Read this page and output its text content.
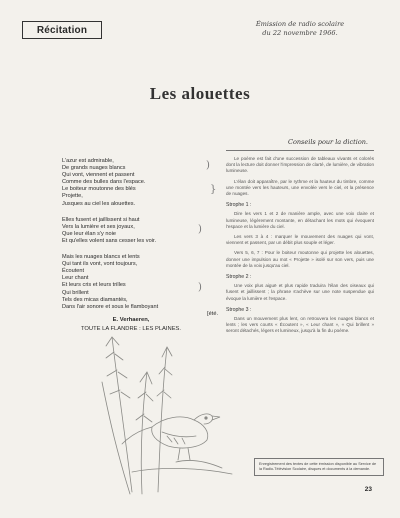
Récitation
Émission de radio scolaire
du 22 novembre 1966.
Les alouettes
Conseils pour la diction.
L'azur est admirable,
De grands nuages blancs
Qui vont, viennent et passent
Comme des bulles dans l'espace.
Le boiteur moutonne des blés
Projette,
Jusques au ciel les alouettes.
Elles fusent et jaillissent si haut
Vers la lumière et ses joyaux,
Que leur élan s'y noie
Et qu'elles volent sans cesser les voir.
Mais les nuages blancs et lents
Qui tant ils vont, vont toujours,
Écoutent
Leur chant
Et leurs cris et leurs trilles
Qui brillent
Tels des micas diamantés,
Dans l'air sonore et sous le flamboyant
[été.
)
}
)
)
E. Verhaeren,
TOUTE LA FLANDRE : LES PLAINES.

Le poème est fait d'une succession de tableaux vivants et colorés dont la lecture doit donner l'impression de clarté, de lumière, de vibration lumineuse.

L'élan doit apparaître, par le rythme et la hauteur du timbre, comme une montée vers les hauteurs, une envolée vers le ciel, et la présence de nuages.

Strophe 1 :

Dire les vers 1 et 2 de manière ample, avec une voix claire et lumineuse, légèrement montante, en détachant les mots qui évoquent l'espace et la lumière du ciel.

Les vers 3 à 4 : marquer le mouvement des nuages qui vont, viennent et passent, par un débit plus souple et léger.

Vers 5, 6, 7 : Pour le boiteur moutonne qui projette les alouettes, donner une impulsion au mot « Projette » isolé sur son vers, puis une montée de la voix jusqu'au ciel.

Strophe 2 :

Une voix plus aiguë et plus rapide traduira l'élan des oiseaux qui fusent et jaillissent ; la phrase s'achève sur une note suspendue qui évoque la lumière et l'espace.

Strophe 3 :

Dans un mouvement plus lent, on retrouvera les nuages blancs et lents ; les vers courts « Écoutent », « Leur chant », « Qui brillent » seront détachés, légers et lumineux, jusqu'à la fin du poème.

Enregistrement des textes de cette émission disponible au Service de la Radio-Télévision Scolaire, disques et documents à la demande.
23
